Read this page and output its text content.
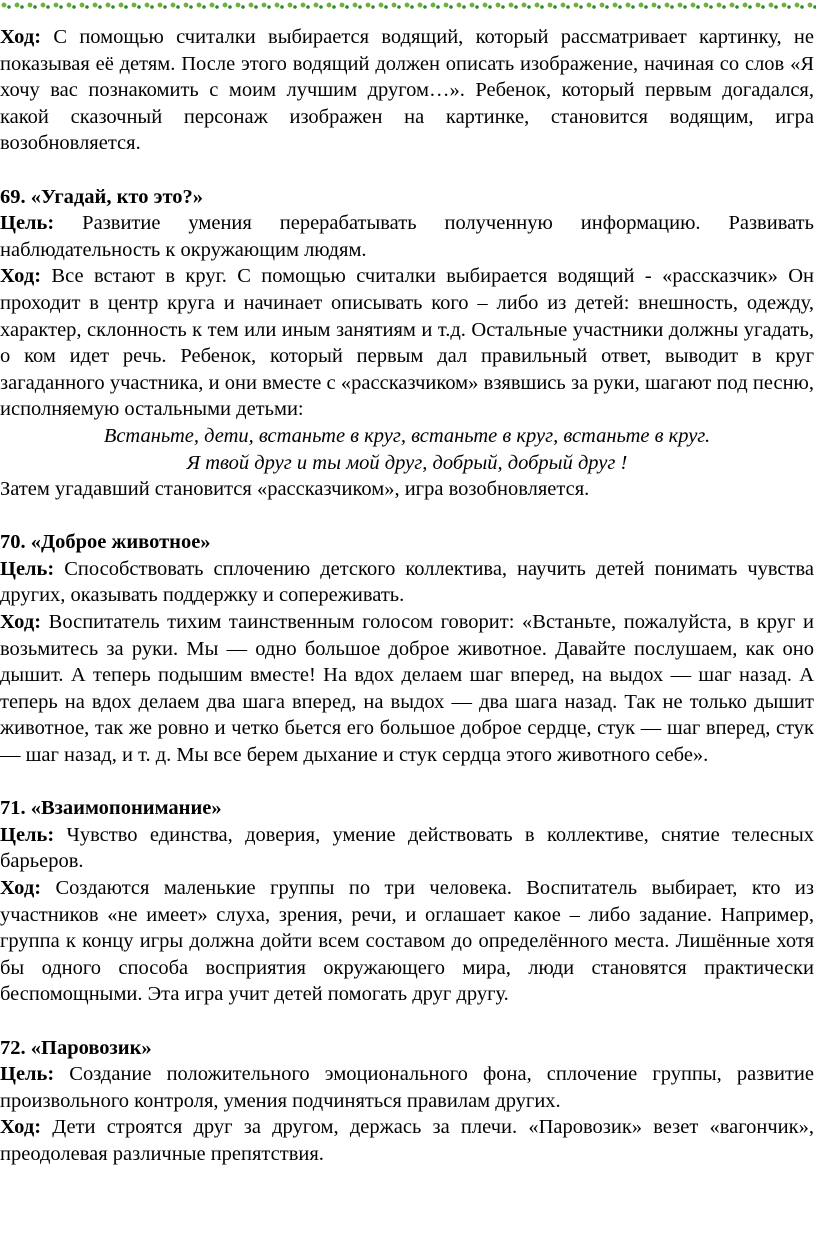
Ход: С помощью считалки выбирается водящий, который рассматривает картинку, не показывая её детям. После этого водящий должен описать изображение, начиная со слов «Я хочу вас познакомить с моим лучшим другом…». Ребенок, который первым догадался, какой сказочный персонаж изображен на картинке, становится водящим, игра возобновляется.

69. «Угадай, кто это?»

Цель: Развитие умения перерабатывать полученную информацию. Развивать наблюдательность к окружающим людям.

Ход: Все встают в круг. С помощью считалки выбирается водящий - «рассказчик» Он проходит в центр круга и начинает описывать кого – либо из детей: внешность, одежду, характер, склонность к тем или иным занятиям и т.д. Остальные участники должны угадать, о ком идет речь. Ребенок, который первым дал правильный ответ, выводит в круг загаданного участника, и они вместе с «рассказчиком» взявшись за руки, шагают под песню, исполняемую остальными детьми:

Встаньте, дети, встаньте в круг, встаньте в круг, встаньте в круг.

Я твой друг и ты мой друг, добрый, добрый друг !

Затем угадавший становится «рассказчиком», игра возобновляется.

70. «Доброе животное»

Цель: Способствовать сплочению детского коллектива, научить детей понимать чувства других, оказывать поддержку и сопереживать.

Ход: Воспитатель тихим таинственным голосом говорит: «Встаньте, пожалуйста, в круг и возьмитесь за руки. Мы — одно большое доброе животное. Давайте послушаем, как оно дышит. А теперь подышим вместе! На вдох делаем шаг вперед, на выдох — шаг назад. А теперь на вдох делаем два шага вперед, на выдох — два шага назад. Так не только дышит животное, так же ровно и четко бьется его большое доброе сердце, стук — шаг вперед, стук — шаг назад, и т. д. Мы все берем дыхание и стук сердца этого животного себе».

71. «Взаимопонимание»

Цель: Чувство единства, доверия, умение действовать в коллективе, снятие телесных барьеров.

Ход: Создаются маленькие группы по три человека. Воспитатель выбирает, кто из участников «не имеет» слуха, зрения, речи, и оглашает какое – либо задание. Например, группа к концу игры должна дойти всем составом до определённого места. Лишённые хотя бы одного способа восприятия окружающего мира, люди становятся практически беспомощными. Эта игра учит детей помогать друг другу.

72. «Паровозик»

Цель: Создание положительного эмоционального фона, сплочение группы, развитие произвольного контроля, умения подчиняться правилам других.

Ход: Дети строятся друг за другом, держась за плечи. «Паровозик» везет «вагончик», преодолевая различные препятствия.
